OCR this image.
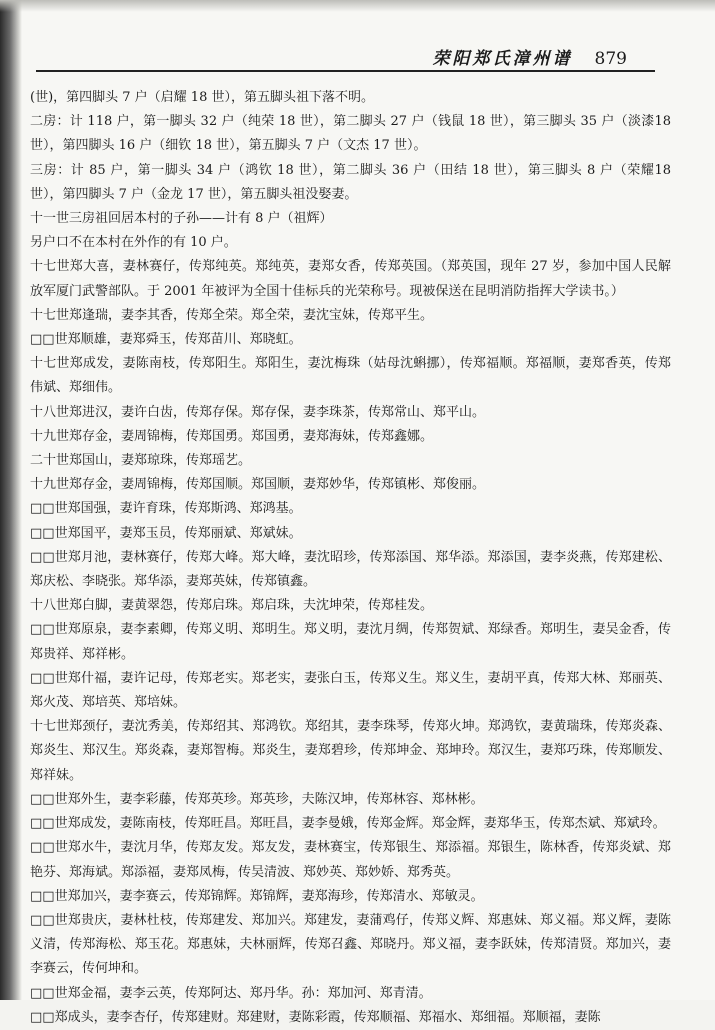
荣阳郑氏漳州谱 879

(世)，第四脚头 7 户（启耀 18 世），第五脚头祖下落不明。

二房：计 118 户，第一脚头 32 户（纯荣 18 世），第二脚头 27 户（钱鼠 18 世），第三脚头 35 户（淡漆18 世），第四脚头 16 户（细钦 18 世），第五脚头 7 户（文杰 17 世）。

三房：计 85 户，第一脚头 34 户（鸿钦 18 世），第二脚头 36 户（田结 18 世），第三脚头 8 户（荣耀18 世），第四脚头 7 户（金龙 17 世），第五脚头祖没娶妻。

十一世三房祖回居本村的子孙——计有 8 户（祖辉）

另户口不在本村在外作的有 10 户。

十七世郑大喜，妻林赛仔，传郑纯英。郑纯英，妻郑女香，传郑英国。（郑英国，现年 27 岁，参加中国人民解放军厦门武警部队。于 2001 年被评为全国十佳标兵的光荣称号。现被保送在昆明消防指挥大学读书。）

十七世郑逢瑞，妻李其香，传郑全荣。郑全荣，妻沈宝妹，传郑平生。

□□世郑顺雄，妻郑舜玉，传郑苗川、郑晓虹。

十七世郑成发，妻陈南枝，传郑阳生。郑阳生，妻沈梅珠（姑母沈蝌挪），传郑福顺。郑福顺，妻郑香英，传郑伟斌、郑细伟。

十八世郑进汉，妻许白齿，传郑存保。郑存保，妻李珠茶，传郑常山、郑平山。

十九世郑存金，妻周锦梅，传郑国勇。郑国勇，妻郑海妹，传郑鑫娜。

二十世郑国山，妻郑琼珠，传郑瑶艺。

十九世郑存金，妻周锦梅，传郑国顺。郑国顺，妻郑妙华，传郑镇彬、郑俊丽。

□□世郑国强，妻许育珠，传郑斯鸿、郑鸿基。

□□世郑国平，妻郑玉员，传郑丽斌、郑斌妹。

□□世郑月池，妻林赛仔，传郑大峰。郑大峰，妻沈昭珍，传郑添国、郑华添。郑添国，妻李炎燕，传郑建松、郑庆松、李晓张。郑华添，妻郑英妹，传郑镇鑫。

十八世郑白脚，妻黄翠怨，传郑启珠。郑启珠，夫沈坤荣，传郑桂发。

□□世郑原泉，妻李素卿，传郑义明、郑明生。郑义明，妻沈月绸，传郑贺斌、郑绿香。郑明生，妻吴金香，传郑贵祥、郑祥彬。

□□世郑什福，妻许记母，传郑老实。郑老实，妻张白玉，传郑义生。郑义生，妻胡平真，传郑大林、郑丽英、郑火茂、郑培英、郑培妹。

十七世郑颈仔，妻沈秀美，传郑绍其、郑鸿钦。郑绍其，妻李珠琴，传郑火坤。郑鸿钦，妻黄瑞珠，传郑炎森、郑炎生、郑汉生。郑炎森，妻郑智梅。郑炎生，妻郑碧珍，传郑坤金、郑坤玲。郑汉生，妻郑巧珠，传郑顺发、郑祥妹。

□□世郑外生，妻李彩藤，传郑英珍。郑英珍，夫陈汉坤，传郑林容、郑林彬。

□□世郑成发，妻陈南枝，传郑旺昌。郑旺昌，妻李曼娥，传郑金辉。郑金辉，妻郑华玉，传郑杰斌、郑斌玲。

□□世郑水牛，妻沈月华，传郑友发。郑友发，妻林赛宝，传郑银生、郑添福。郑银生，陈林香，传郑炎斌、郑艳芬、郑海斌。郑添福，妻郑凤梅，传吴清波、郑妙英、郑妙娇、郑秀英。

□□世郑加兴，妻李赛云，传郑锦辉。郑锦辉，妻郑海珍，传郑清水、郑敏灵。

□□世郑贵庆，妻林杜枝，传郑建发、郑加兴。郑建发，妻蒲鸡仔，传郑义辉、郑惠妹、郑义福。郑义辉，妻陈义清，传郑海松、郑玉花。郑惠妹，夫林丽辉，传郑召鑫、郑晓丹。郑义福，妻李跃妹，传郑清贤。郑加兴，妻李赛云，传何坤和。

□□世郑金福，妻李云英，传郑阿达、郑丹华。孙：郑加河、郑青清。

□□郑成头，妻李杏仔，传郑建财。郑建财，妻陈彩霞，传郑顺福、郑福水、郑细福。郑顺福，妻陈
